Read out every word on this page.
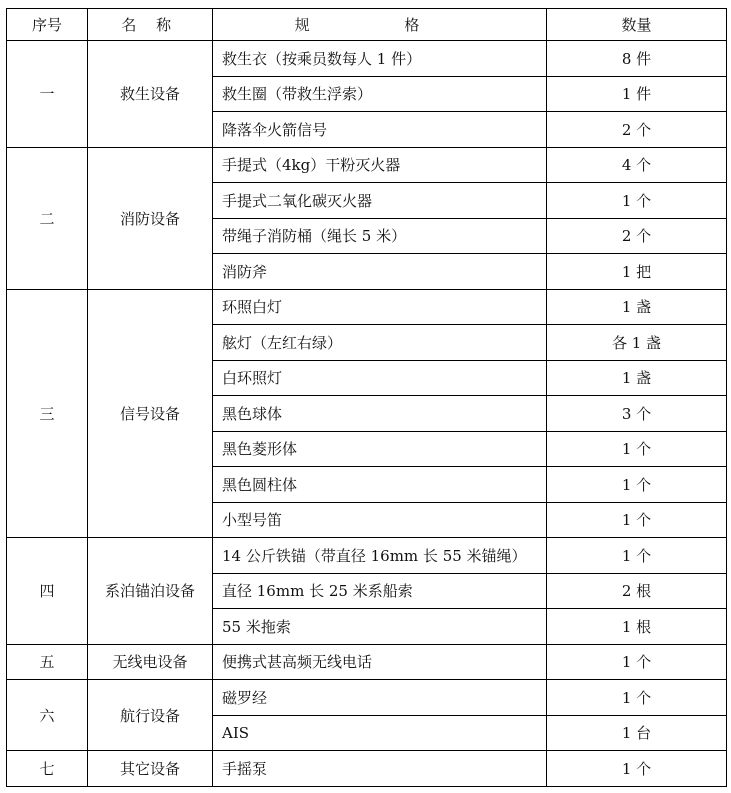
序号	名 称	规 格	数量
一	救生设备	救生衣（按乘员数每人 1 件）	8 件
		救生圈（带救生浮索）	1 件
		降落伞火箭信号	2 个
二	消防设备	手提式（4kg）干粉灭火器	4 个
		手提式二氧化碳灭火器	1 个
		带绳子消防桶（绳长 5 米）	2 个
		消防斧	1 把
三	信号设备	环照白灯	1 盏
		舷灯（左红右绿）	各 1 盏
		白环照灯	1 盏
		黑色球体	3 个
		黑色菱形体	1 个
		黑色圆柱体	1 个
		小型号笛	1 个
四	系泊锚泊设备	14 公斤铁锚（带直径 16mm 长 55 米锚绳）	1 个
		直径 16mm 长 25 米系船索	2 根
		55 米拖索	1 根
五	无线电设备	便携式甚高频无线电话	1 个
六	航行设备	磁罗经	1 个
		AIS	1 台
七	其它设备	手摇泵	1 个
